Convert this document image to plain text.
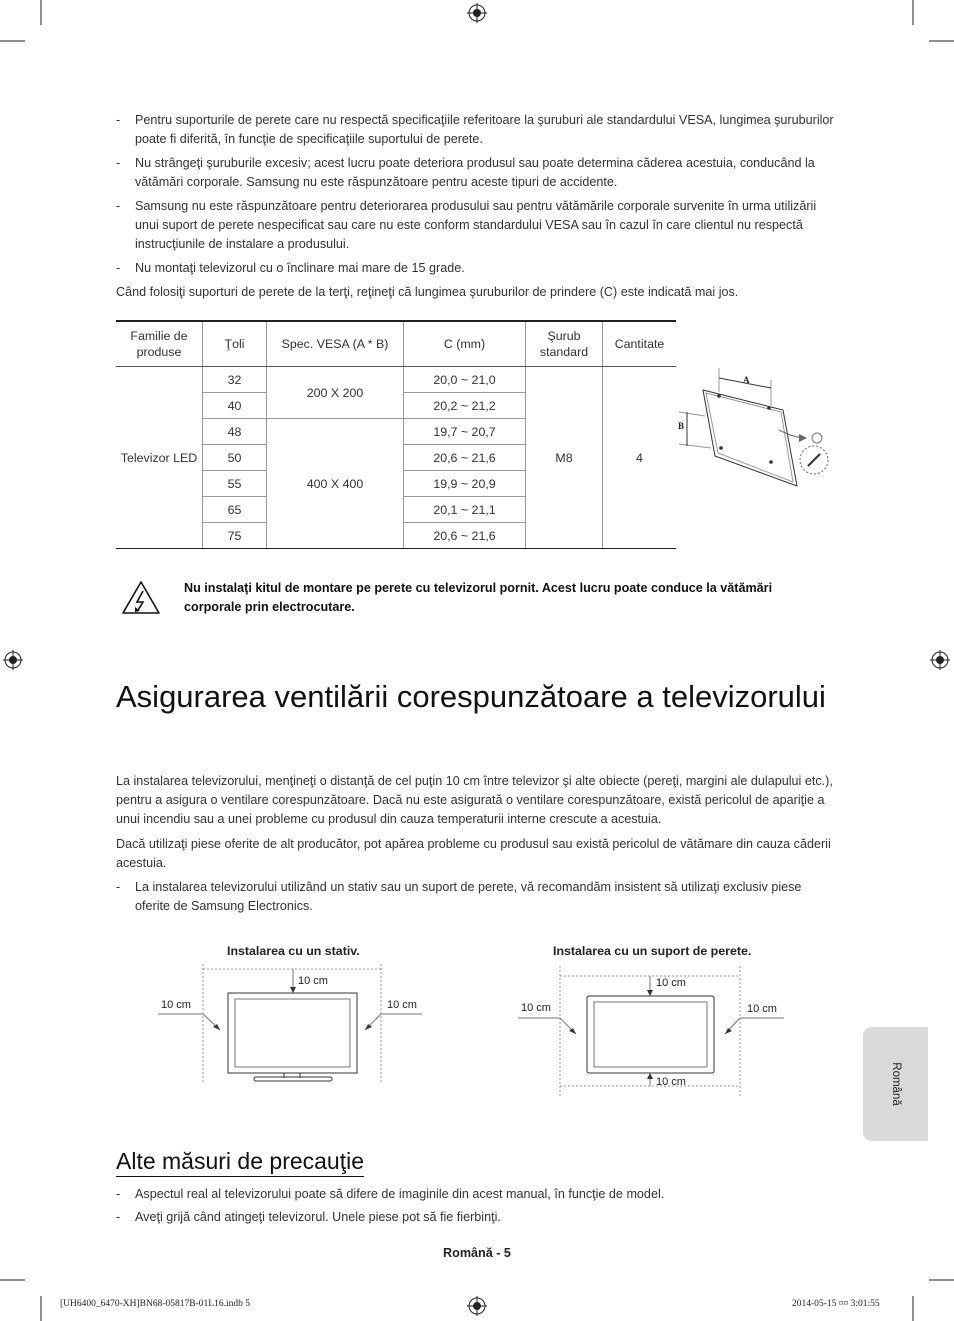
- Pentru suporturile de perete care nu respectă specificaţiile referitoare la şuruburi ale standardului VESA, lungimea şuruburilor poate fi diferită, în funcţie de specificaţiile suportului de perete.
- Nu strângeţi şuruburile excesiv; acest lucru poate deteriora produsul sau poate determina căderea acestuia, conducând la vătămări corporale. Samsung nu este răspunzătoare pentru aceste tipuri de accidente.
- Samsung nu este răspunzătoare pentru deteriorarea produsului sau pentru vătămările corporale survenite în urma utilizării unui suport de perete nespecificat sau care nu este conform standardului VESA sau în cazul în care clientul nu respectă instrucţiunile de instalare a produsului.
- Nu montaţi televizorul cu o înclinare mai mare de 15 grade.
Când folosiţi suporturi de perete de la terţi, reţineţi că lungimea şuruburilor de prindere (C) este indicată mai jos.
Familie de produse	Ţoli	Spec. VESA (A * B)	C (mm)	Şurub standard	Cantitate
Televizor LED	32	200 X 200	20,0 ~ 21,0	M8	4
	40		20,2 ~ 21,2		
	48	400 X 400	19,7 ~ 20,7		
	50		20,6 ~ 21,6		
	55		19,9 ~ 20,9		
	65		20,1 ~ 21,1		
	75		20,6 ~ 21,6		
A
B
Nu instalaţi kitul de montare pe perete cu televizorul pornit. Acest lucru poate conduce la vătămări corporale prin electrocutare.
Asigurarea ventilării corespunzătoare a televizorului
La instalarea televizorului, menţineţi o distanţă de cel puţin 10 cm între televizor şi alte obiecte (pereţi, margini ale dulapului etc.), pentru a asigura o ventilare corespunzătoare. Dacă nu este asigurată o ventilare corespunzătoare, există pericolul de apariţie a unui incendiu sau a unei probleme cu produsul din cauza temperaturii interne crescute a acestuia.
Dacă utilizaţi piese oferite de alt producător, pot apărea probleme cu produsul sau există pericolul de vătămare din cauza căderii acestuia.
- La instalarea televizorului utilizând un stativ sau un suport de perete, vă recomandăm insistent să utilizaţi exclusiv piese oferite de Samsung Electronics.
Instalarea cu un stativ.
10 cm
10 cm	10 cm
Instalarea cu un suport de perete.
10 cm
10 cm	10 cm
10 cm	Română
Alte măsuri de precauţie
- Aspectul real al televizorului poate să difere de imaginile din acest manual, în funcţie de model.
- Aveţi grijă când atingeţi televizorul. Unele piese pot să fie fierbinţi.
Română - 5
[UH6400_6470-XH]BN68-05817B-01L16.indb 5	2014-05-15 ¤¤ 3:01:55
